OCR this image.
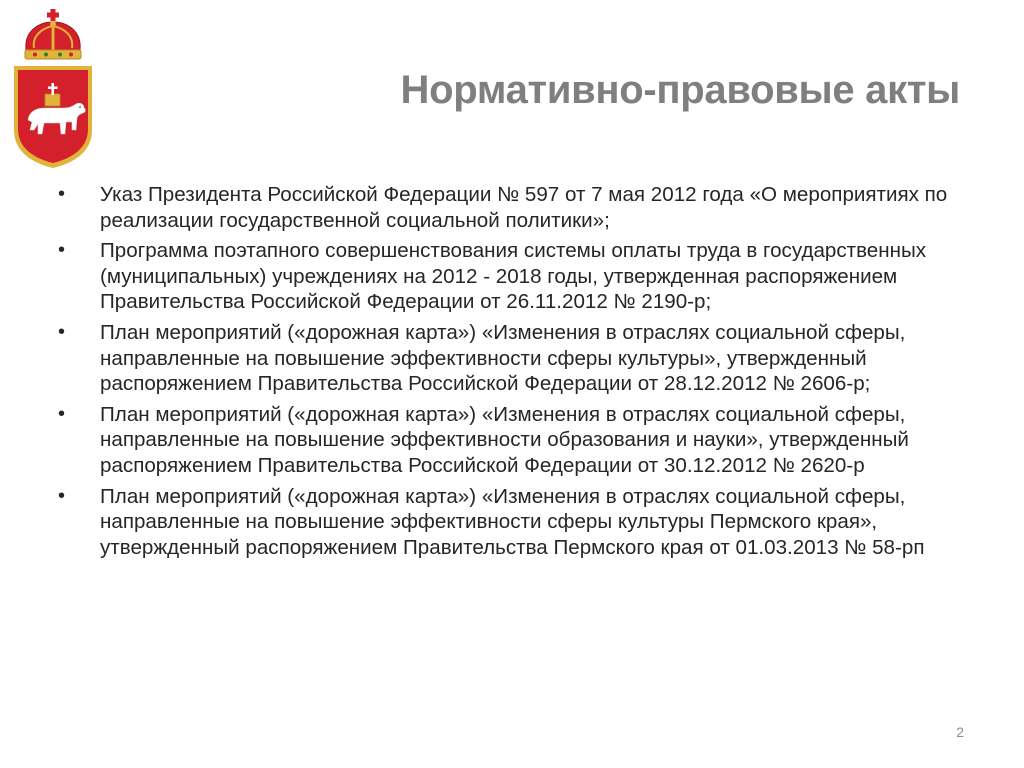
Нормативно-правовые акты
• Указ Президента Российской Федерации № 597 от 7 мая 2012 года «О мероприятиях по реализации государственной социальной политики»;
• Программа поэтапного совершенствования системы оплаты труда в государственных (муниципальных) учреждениях на 2012 - 2018 годы, утвержденная распоряжением Правительства Российской Федерации от 26.11.2012 № 2190-р;
• План мероприятий («дорожная карта») «Изменения в отраслях социальной сферы, направленные на повышение эффективности сферы культуры», утвержденный распоряжением Правительства Российской Федерации от 28.12.2012 № 2606-р;
• План мероприятий («дорожная карта») «Изменения в отраслях социальной сферы, направленные на повышение эффективности образования и науки», утвержденный распоряжением Правительства Российской Федерации от 30.12.2012 № 2620-р
• План мероприятий («дорожная карта») «Изменения в отраслях социальной сферы, направленные на повышение эффективности сферы культуры Пермского края», утвержденный распоряжением Правительства Пермского края от 01.03.2013 № 58-рп
2
